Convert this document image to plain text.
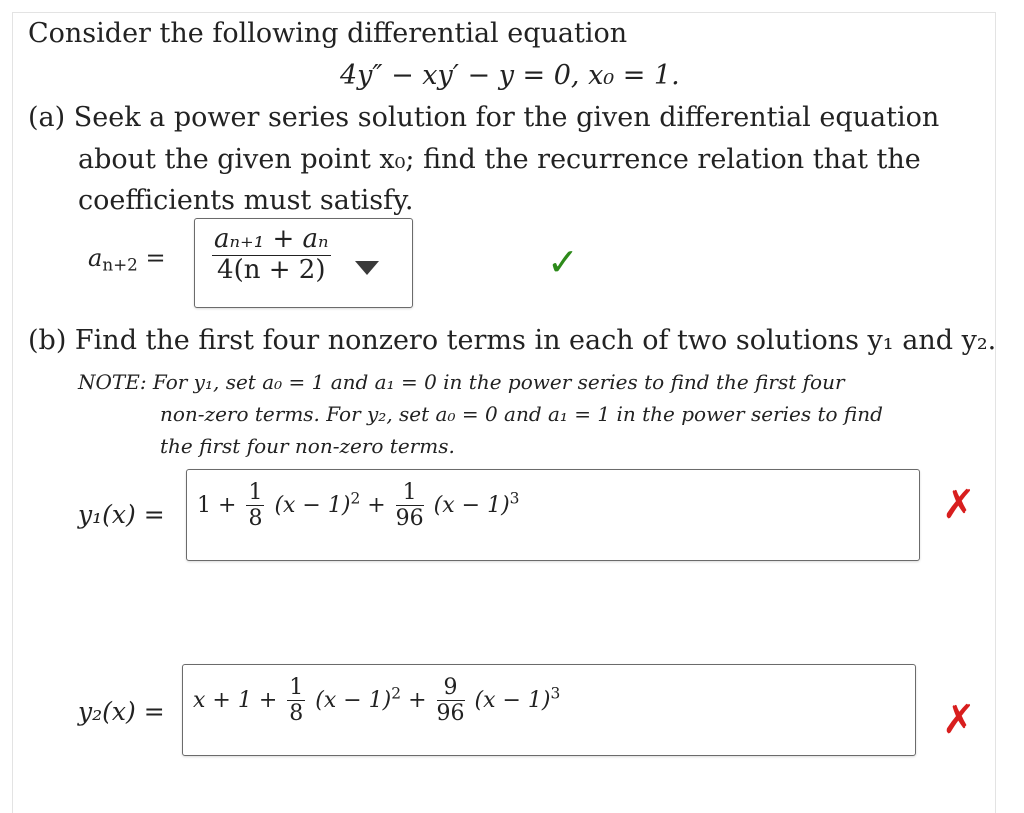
Consider the following differential equation
4y″ − xy′ − y = 0, x₀ = 1.
(a) Seek a power series solution for the given differential equation
about the given point x₀; find the recurrence relation that the
coefficients must satisfy.
$a_{n+2} = \frac{\text{aₙ₊₁ + aₙ}}{4(n + 2)}$	✓
(b) Find the first four nonzero terms in each of two solutions y₁ and y₂.
NOTE: For y₁, set a₀ = 1 and a₁ = 0 in the power series to find the first four
non-zero terms. For y₂, set a₀ = 0 and a₁ = 1 in the power series to find
the first four non-zero terms.
$y_1(x) = 1 + \frac{1}{8} (x - 1)^2 + \frac{1}{96} (x - 1)^3$	✗
$y_2(x) = x + 1 + \frac{1}{8} (x - 1)^2 + \frac{9}{96} (x - 1)^3$
✗
